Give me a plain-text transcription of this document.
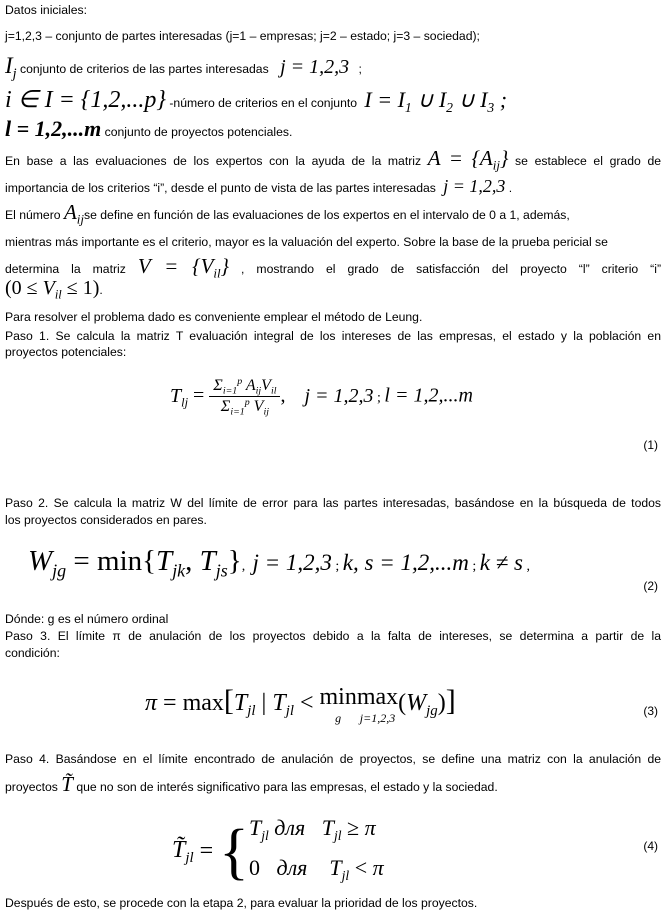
Datos iniciales:
j=1,2,3 – conjunto de partes interesadas (j=1 – empresas; j=2 – estado; j=3 – sociedad);
$I_j$ conjunto de criterios de las partes interesadas j = 1,2,3 ;
i ∈ I = {1,2,...p} -número de criterios en el conjunto $I = I_1$ ∪ $I_2$ ∪ $I_3$ ;
l = 1,2,...m conjunto de proyectos potenciales.
En base a las evaluaciones de los expertos con la ayuda de la matriz $A = \{A_{ij}\}$ se establece el grado de
importancia de los criterios “i”, desde el punto de vista de las partes interesadas j = 1,2,3 .
El número $A_{ij}se$ define en función de las evaluaciones de los expertos en el intervalo de 0 a 1, además,
mientras más importante es el criterio, mayor es la valuación del experto. Sobre la base de la prueba pericial se
determina la matriz $V = \{V_{il}\}$ , mostrando el grado de satisfacción del proyecto “l” criterio “i”
$(0 \le V_{il} \le 1)$.
Para resolver el problema dado es conveniente emplear el método de Leung.
Paso 1. Se calcula la matriz T evaluación integral de los intereses de las empresas, el estado y la población en
proyectos potenciales:
$T_{lj} = \frac{\Sigma_{i=1}^p A_{ij}V_{il}}{\Sigma_{i=1}^p V_{ij}}$ , j = 1,2,3 ; l = 1,2,...m
(1)
Paso 2. Se calcula la matriz W del límite de error para las partes interesadas, basándose en la búsqueda de todos
los proyectos considerados en pares.
$W_{jg} = \min\{T_{jk}$, $T_{js}$}, j = 1,2,3 ; k, s = 1,2,...m ; k ≠ s ,
(2)
Dónde: g es el número ordinal
Paso 3. El límite π de anulación de los proyectos debido a la falta de intereses, se determina a partir de la
condición:
$\pi = \max[T_{jl}$ | $T_{jl} < \min$
g
max
j=1,2,3
$(W_{jg})$]	(3)
Paso 4. Basándose en el límite encontrado de anulación de proyectos, se define una matriz con la anulación de
proyectos T̃ que no son de interés significativo para las empresas, el estado y la sociedad.
$T̃_{jl}$ = { $T_{jl}$ для $T_{jl} \ge \pi$
0   для $T_{jl} < \pi$
(4)
Después de esto, se procede con la etapa 2, para evaluar la prioridad de los proyectos.
